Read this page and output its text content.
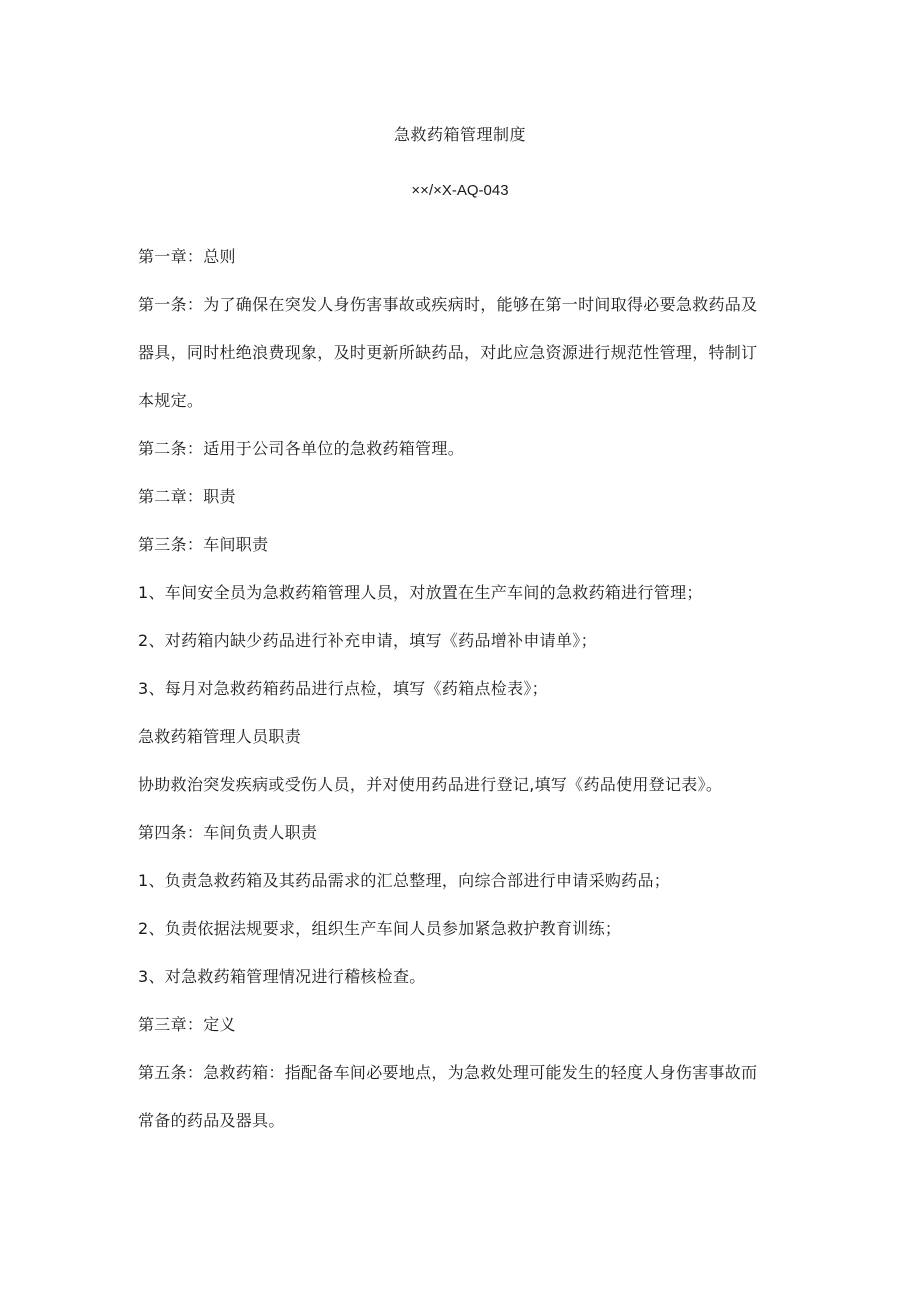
急救药箱管理制度
××/×X-AQ-043

第一章：总则

第一条：为了确保在突发人身伤害事故或疾病时，能够在第一时间取得必要急救药品及

器具，同时杜绝浪费现象，及时更新所缺药品，对此应急资源进行规范性管理，特制订

本规定。

第二条：适用于公司各单位的急救药箱管理。

第二章：职责

第三条：车间职责

1、车间安全员为急救药箱管理人员，对放置在生产车间的急救药箱进行管理；

2、对药箱内缺少药品进行补充申请，填写《药品增补申请单》；

3、每月对急救药箱药品进行点检，填写《药箱点检表》；

急救药箱管理人员职责

协助救治突发疾病或受伤人员，并对使用药品进行登记,填写《药品使用登记表》。

第四条：车间负责人职责

1、负责急救药箱及其药品需求的汇总整理，向综合部进行申请采购药品；

2、负责依据法规要求，组织生产车间人员参加紧急救护教育训练；

3、对急救药箱管理情况进行稽核检查。

第三章：定义

第五条：急救药箱：指配备车间必要地点，为急救处理可能发生的轻度人身伤害事故而

常备的药品及器具。
